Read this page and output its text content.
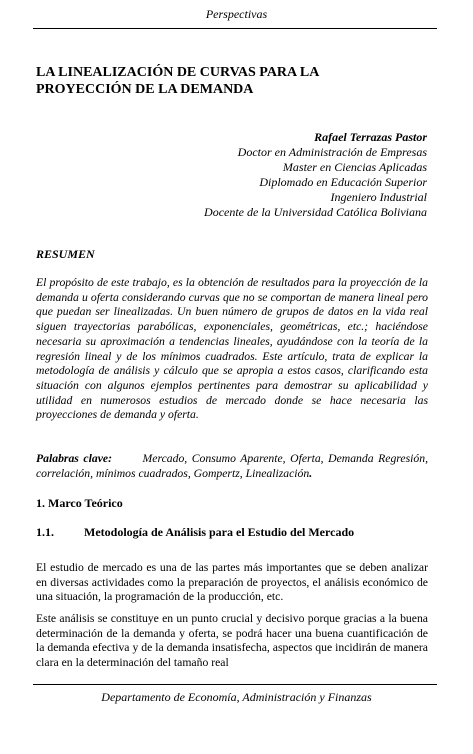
Perspectivas
LA LINEALIZACIÓN DE CURVAS PARA LA
PROYECCIÓN DE LA DEMANDA
Rafael Terrazas Pastor
Doctor en Administración de Empresas
Master en Ciencias Aplicadas
Diplomado en Educación Superior
Ingeniero Industrial
Docente de la Universidad Católica Boliviana
RESUMEN
El propósito de este trabajo, es la obtención de resultados para la proyección de la demanda u oferta considerando curvas que no se comportan de manera lineal pero que puedan ser linealizadas. Un buen número de grupos de datos en la vida real siguen trayectorias parabólicas, exponenciales, geométricas, etc.; haciéndose necesaria su aproximación a tendencias lineales, ayudándose con la teoría de la regresión lineal y de los mínimos cuadrados. Este artículo, trata de explicar la metodología de análisis y cálculo que se apropia a estos casos, clarificando esta situación con algunos ejemplos pertinentes para demostrar su aplicabilidad y utilidad en numerosos estudios de mercado donde se hace necesaria las proyecciones de demanda y oferta.
Palabras clave:	Mercado, Consumo Aparente, Oferta, Demanda Regresión, correlación, mínimos cuadrados, Gompertz, Linealización.
1. Marco Teórico
1.1.	Metodología de Análisis para el Estudio del Mercado
El estudio de mercado es una de las partes más importantes que se deben analizar en diversas actividades como la preparación de proyectos, el análisis económico de una situación, la programación de la producción, etc.
Este análisis se constituye en un punto crucial y decisivo porque gracias a la buena determinación de la demanda y oferta, se podrá hacer una buena cuantificación de la demanda efectiva y de la demanda insatisfecha, aspectos que incidirán de manera clara en la determinación del tamaño real
Departamento de Economía, Administración y Finanzas
